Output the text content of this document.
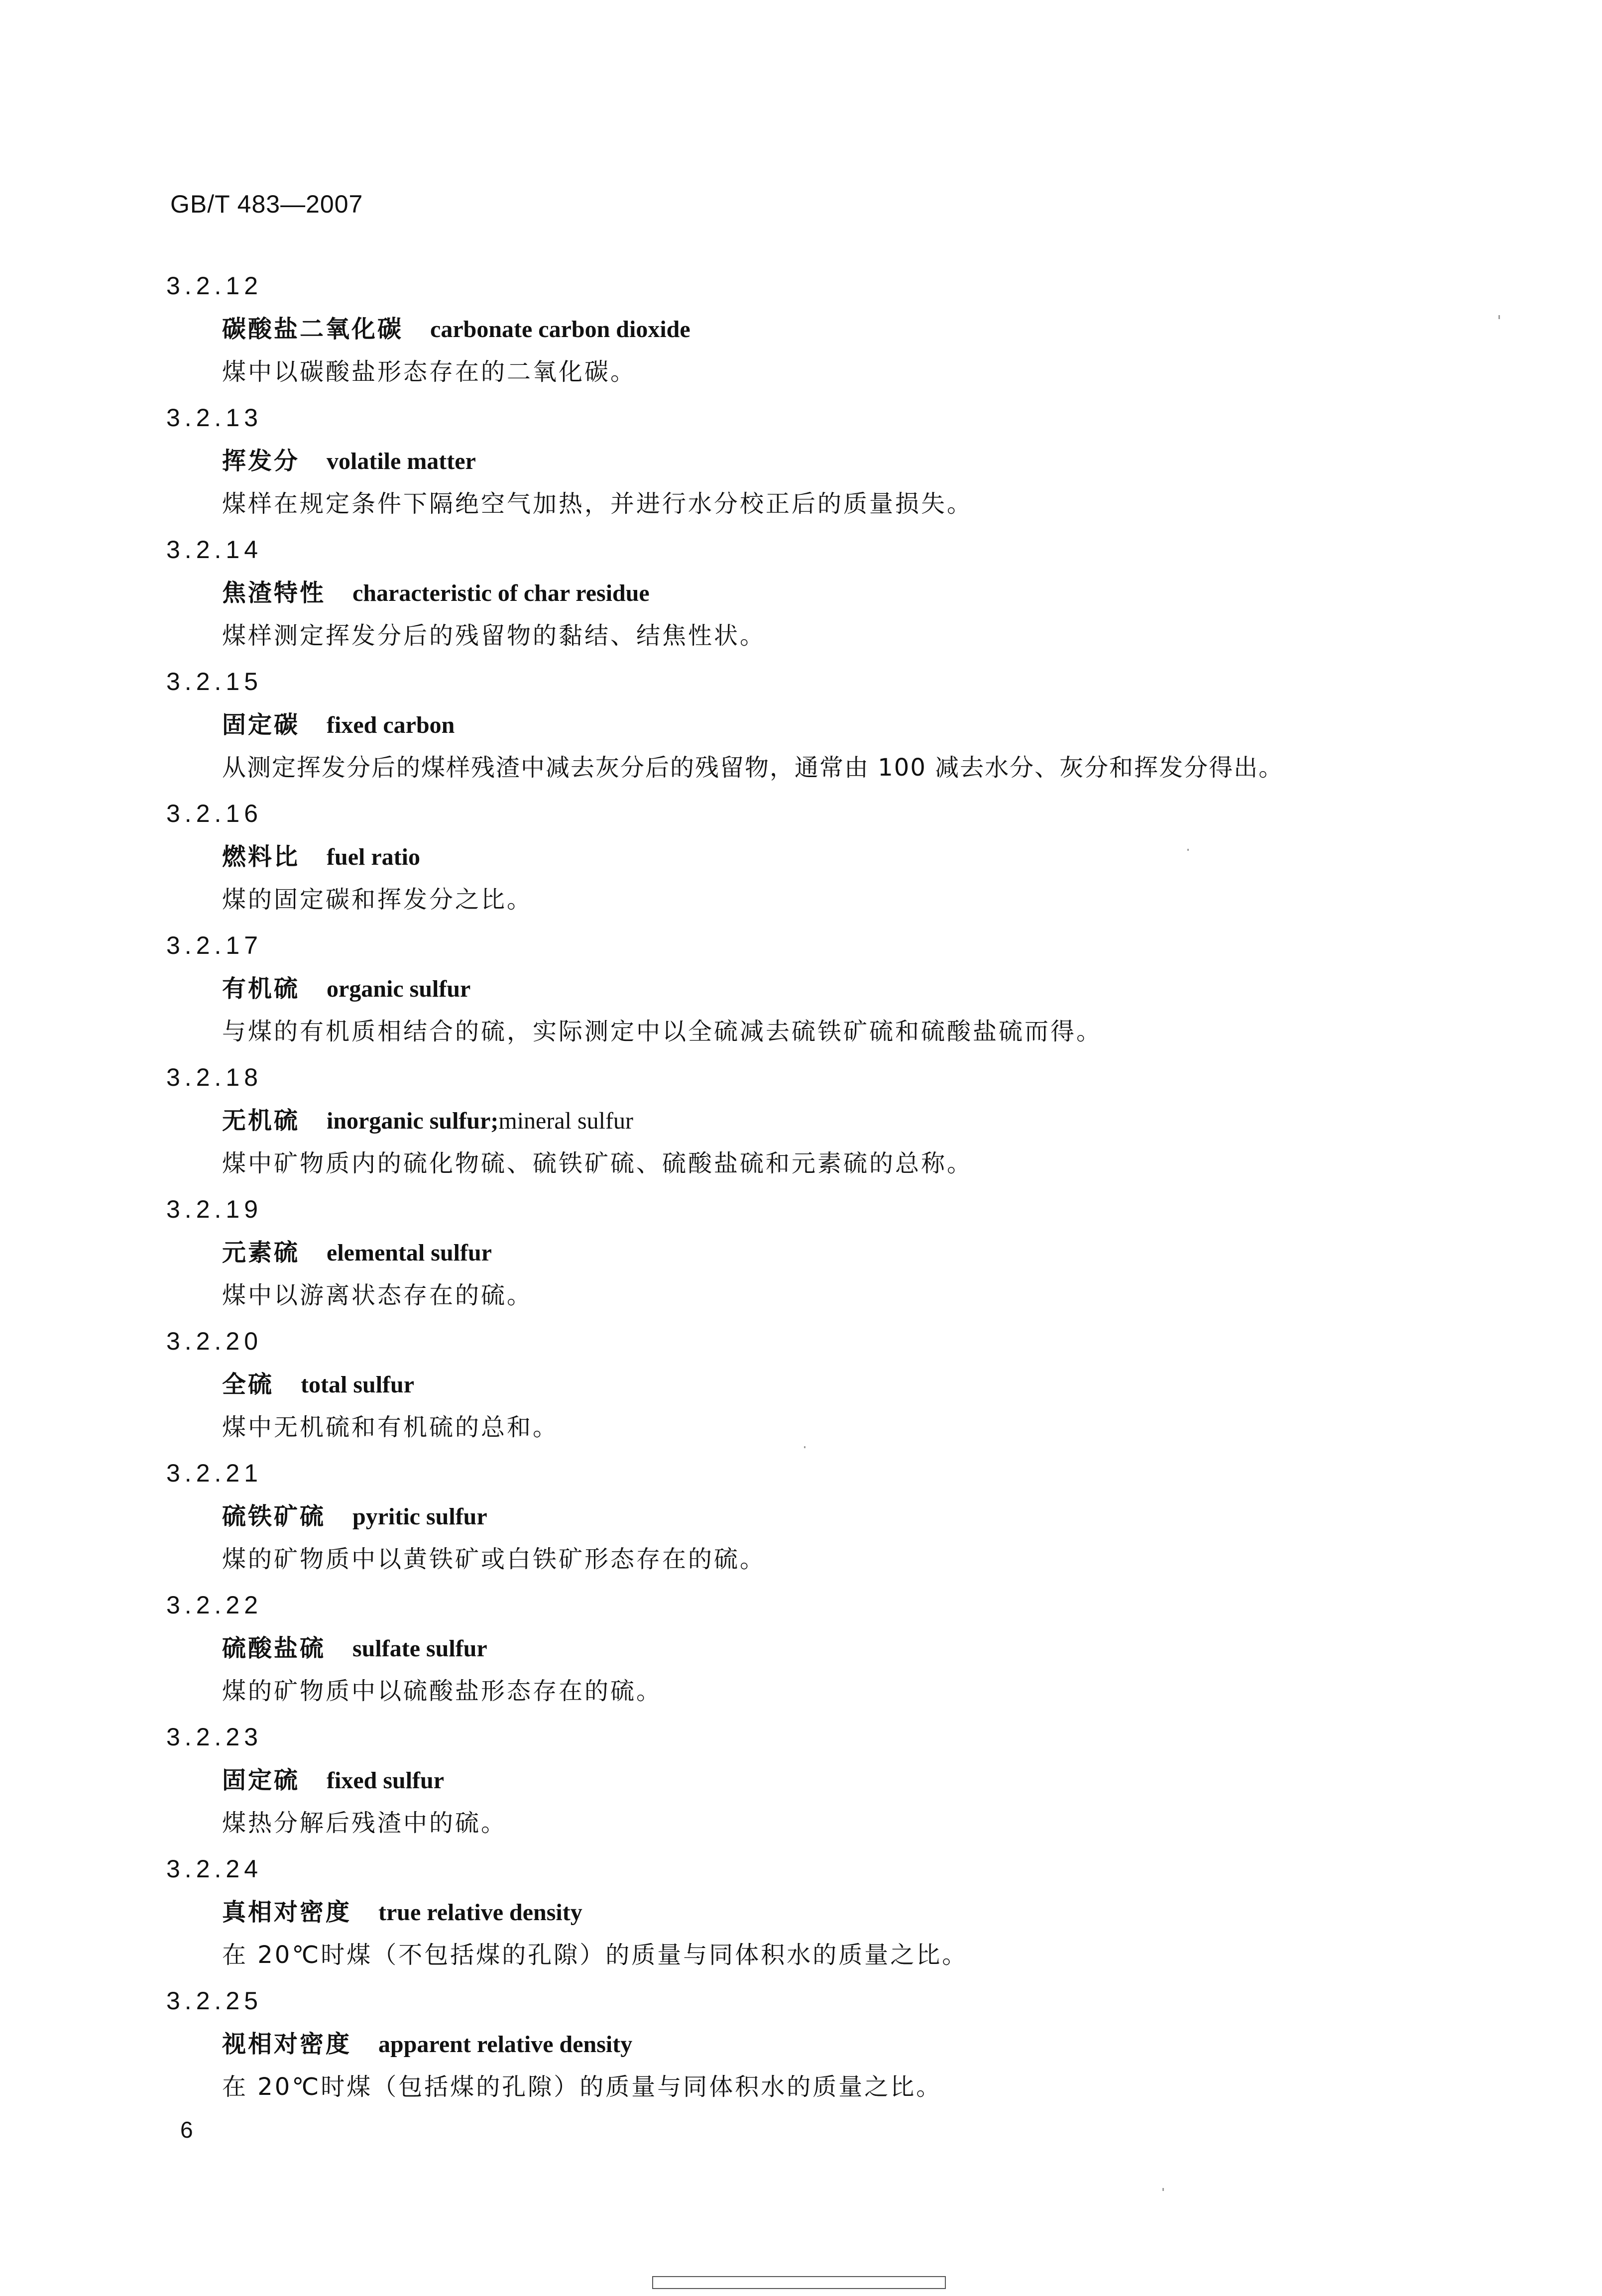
GB/T 483—2007
3.2.12
碳酸盐二氧化碳 carbonate carbon dioxide
煤中以碳酸盐形态存在的二氧化碳。
3.2.13
挥发分 volatile matter
煤样在规定条件下隔绝空气加热，并进行水分校正后的质量损失。
3.2.14
焦渣特性 characteristic of char residue
煤样测定挥发分后的残留物的黏结、结焦性状。
3.2.15
固定碳 fixed carbon
从测定挥发分后的煤样残渣中减去灰分后的残留物，通常由 100 减去水分、灰分和挥发分得出。
3.2.16
燃料比 fuel ratio
煤的固定碳和挥发分之比。
3.2.17
有机硫 organic sulfur
与煤的有机质相结合的硫，实际测定中以全硫减去硫铁矿硫和硫酸盐硫而得。
3.2.18
无机硫 inorganic sulfur;mineral sulfur
煤中矿物质内的硫化物硫、硫铁矿硫、硫酸盐硫和元素硫的总称。
3.2.19
元素硫 elemental sulfur
煤中以游离状态存在的硫。
3.2.20
全硫 total sulfur
煤中无机硫和有机硫的总和。
3.2.21
硫铁矿硫 pyritic sulfur
煤的矿物质中以黄铁矿或白铁矿形态存在的硫。
3.2.22
硫酸盐硫 sulfate sulfur
煤的矿物质中以硫酸盐形态存在的硫。
3.2.23
固定硫 fixed sulfur
煤热分解后残渣中的硫。
3.2.24
真相对密度 true relative density
在 20℃时煤（不包括煤的孔隙）的质量与同体积水的质量之比。
3.2.25
视相对密度 apparent relative density
在 20℃时煤（包括煤的孔隙）的质量与同体积水的质量之比。
6
